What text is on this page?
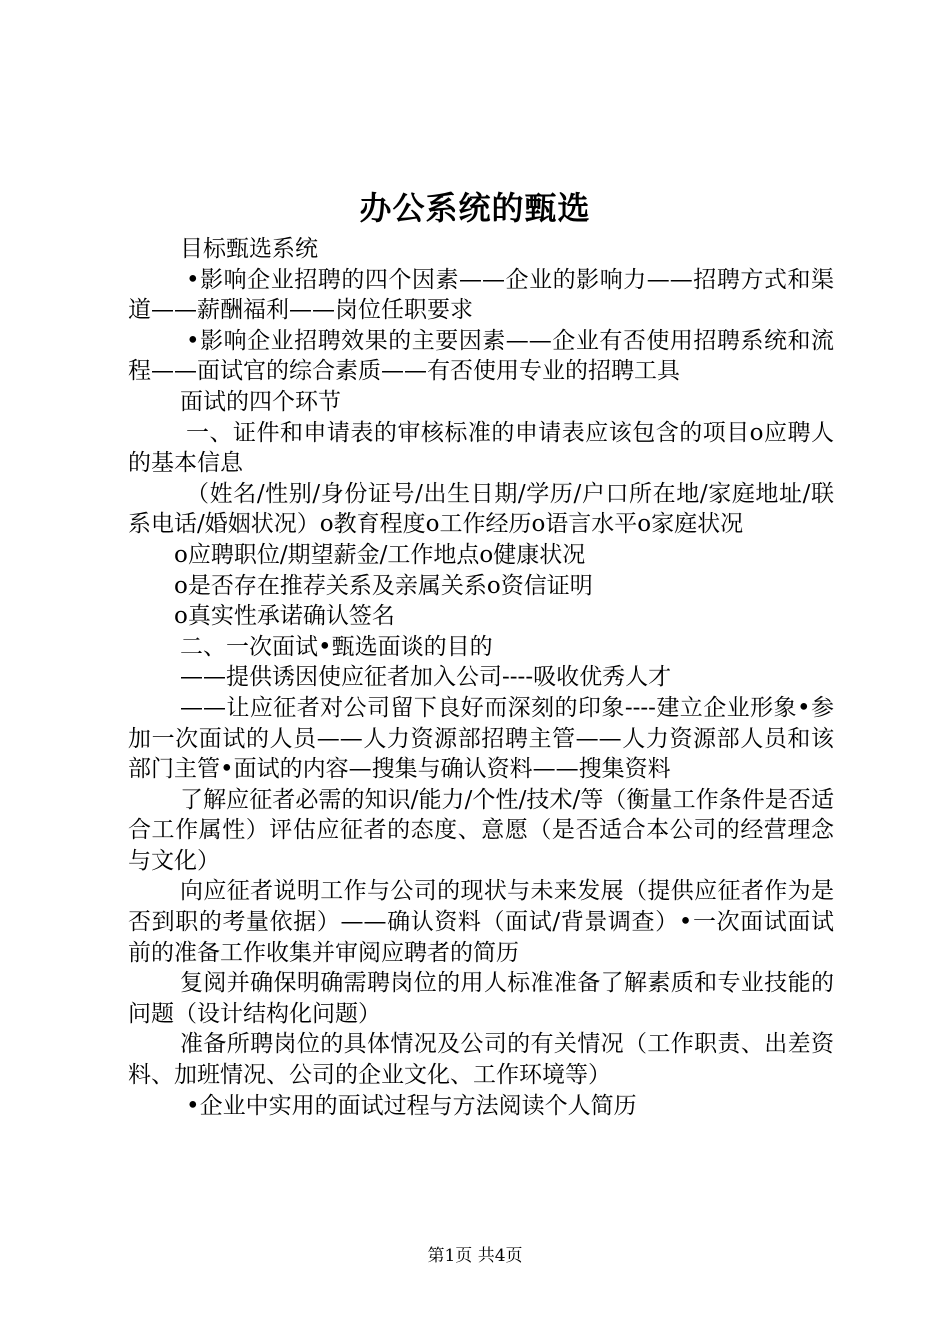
办公系统的甄选

目标甄选系统

•影响企业招聘的四个因素——企业的影响力——招聘方式和渠道——薪酬福利——岗位任职要求

•影响企业招聘效果的主要因素——企业有否使用招聘系统和流程——面试官的综合素质——有否使用专业的招聘工具

面试的四个环节

一、证件和申请表的审核标准的申请表应该包含的项目o应聘人的基本信息

（姓名/性别/身份证号/出生日期/学历/户口所在地/家庭地址/联系电话/婚姻状况）o教育程度o工作经历o语言水平o家庭状况

o应聘职位/期望薪金/工作地点o健康状况

o是否存在推荐关系及亲属关系o资信证明

o真实性承诺确认签名

二、一次面试•甄选面谈的目的

——提供诱因使应征者加入公司----吸收优秀人才

——让应征者对公司留下良好而深刻的印象----建立企业形象•参加一次面试的人员——人力资源部招聘主管——人力资源部人员和该部门主管•面试的内容—搜集与确认资料——搜集资料

了解应征者必需的知识/能力/个性/技术/等（衡量工作条件是否适合工作属性）评估应征者的态度、意愿（是否适合本公司的经营理念与文化）

向应征者说明工作与公司的现状与未来发展（提供应征者作为是否到职的考量依据）——确认资料（面试/背景调查）•一次面试面试前的准备工作收集并审阅应聘者的简历

复阅并确保明确需聘岗位的用人标准准备了解素质和专业技能的问题（设计结构化问题）

准备所聘岗位的具体情况及公司的有关情况（工作职责、出差资料、加班情况、公司的企业文化、工作环境等）

•企业中实用的面试过程与方法阅读个人简历

第1页 共4页
